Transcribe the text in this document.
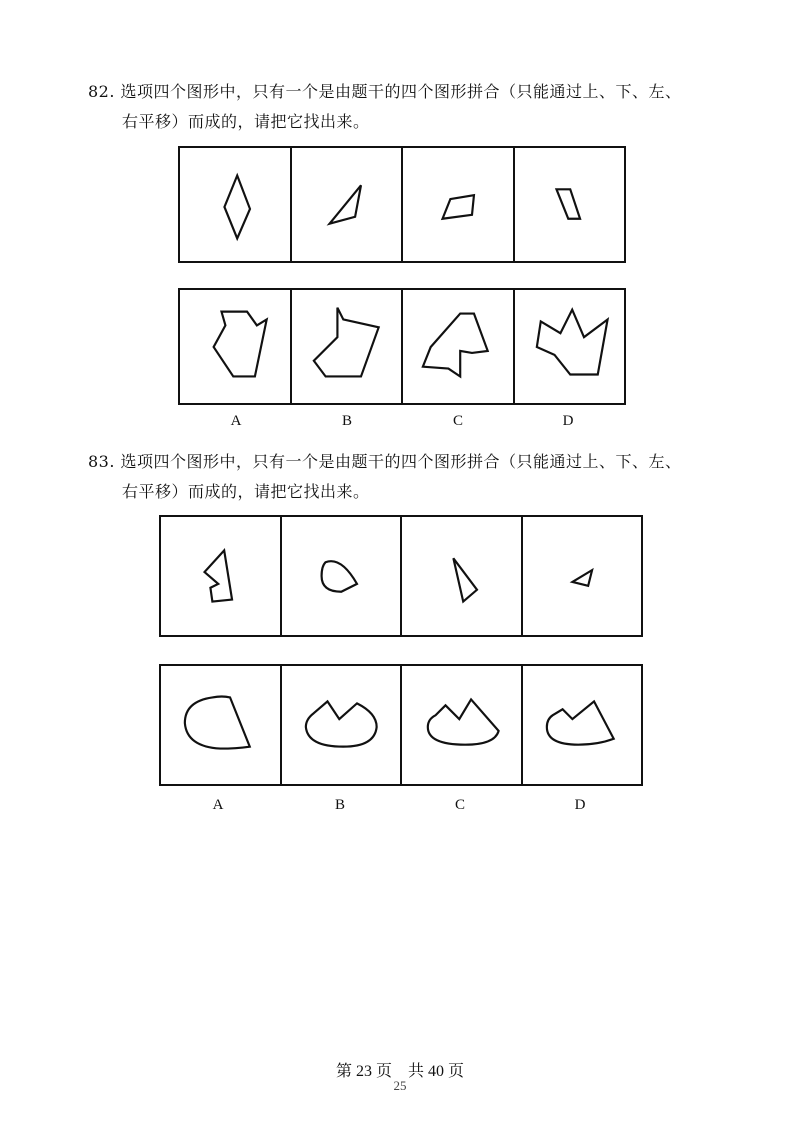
82. 选项四个图形中，只有一个是由题干的四个图形拼合（只能通过上、下、左、
右平移）而成的，请把它找出来。
A	B	C	D
83. 选项四个图形中，只有一个是由题干的四个图形拼合（只能通过上、下、左、
右平移）而成的，请把它找出来。
A	B	C	D
第 23 页　共 40 页
25
